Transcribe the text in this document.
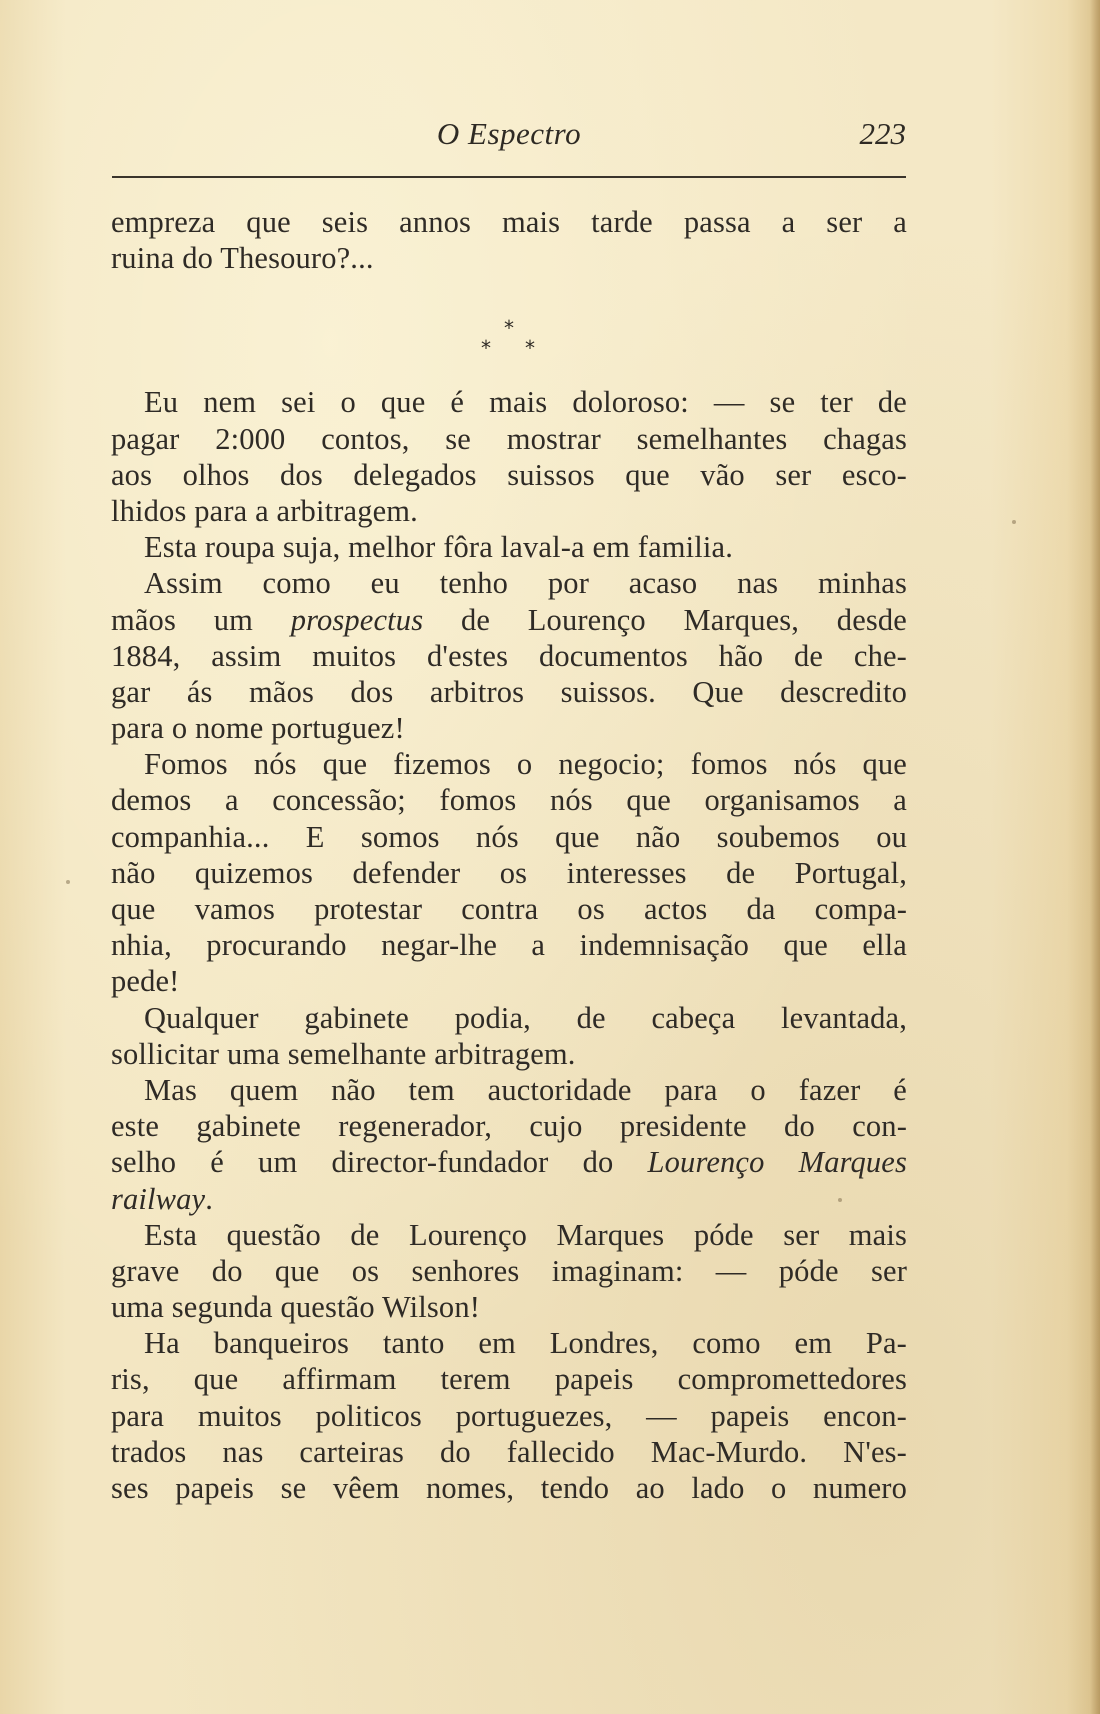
O Espectro	223
empreza que seis annos mais tarde passa a ser a
ruina do Thesouro?...
*
* *
Eu nem sei o que é mais doloroso: — se ter de
pagar 2:000 contos, se mostrar semelhantes chagas
aos olhos dos delegados suissos que vão ser esco-
lhidos para a arbitragem.
Esta roupa suja, melhor fôra laval-a em familia.
Assim como eu tenho por acaso nas minhas
mãos um prospectus de Lourenço Marques, desde
1884, assim muitos d'estes documentos hão de che-
gar ás mãos dos arbitros suissos. Que descredito
para o nome portuguez!
Fomos nós que fizemos o negocio; fomos nós que
demos a concessão; fomos nós que organisamos a
companhia... E somos nós que não soubemos ou
não quizemos defender os interesses de Portugal,
que vamos protestar contra os actos da compa-
nhia, procurando negar-lhe a indemnisação que ella
pede!
Qualquer gabinete podia, de cabeça levantada,
sollicitar uma semelhante arbitragem.
Mas quem não tem auctoridade para o fazer é
este gabinete regenerador, cujo presidente do con-
selho é um director-fundador do Lourenço Marques
railway.
Esta questão de Lourenço Marques póde ser mais
grave do que os senhores imaginam: — póde ser
uma segunda questão Wilson!
Ha banqueiros tanto em Londres, como em Pa-
ris, que affirmam terem papeis compromettedores
para muitos politicos portuguezes, — papeis encon-
trados nas carteiras do fallecido Mac-Murdo. N'es-
ses papeis se vêem nomes, tendo ao lado o numero
